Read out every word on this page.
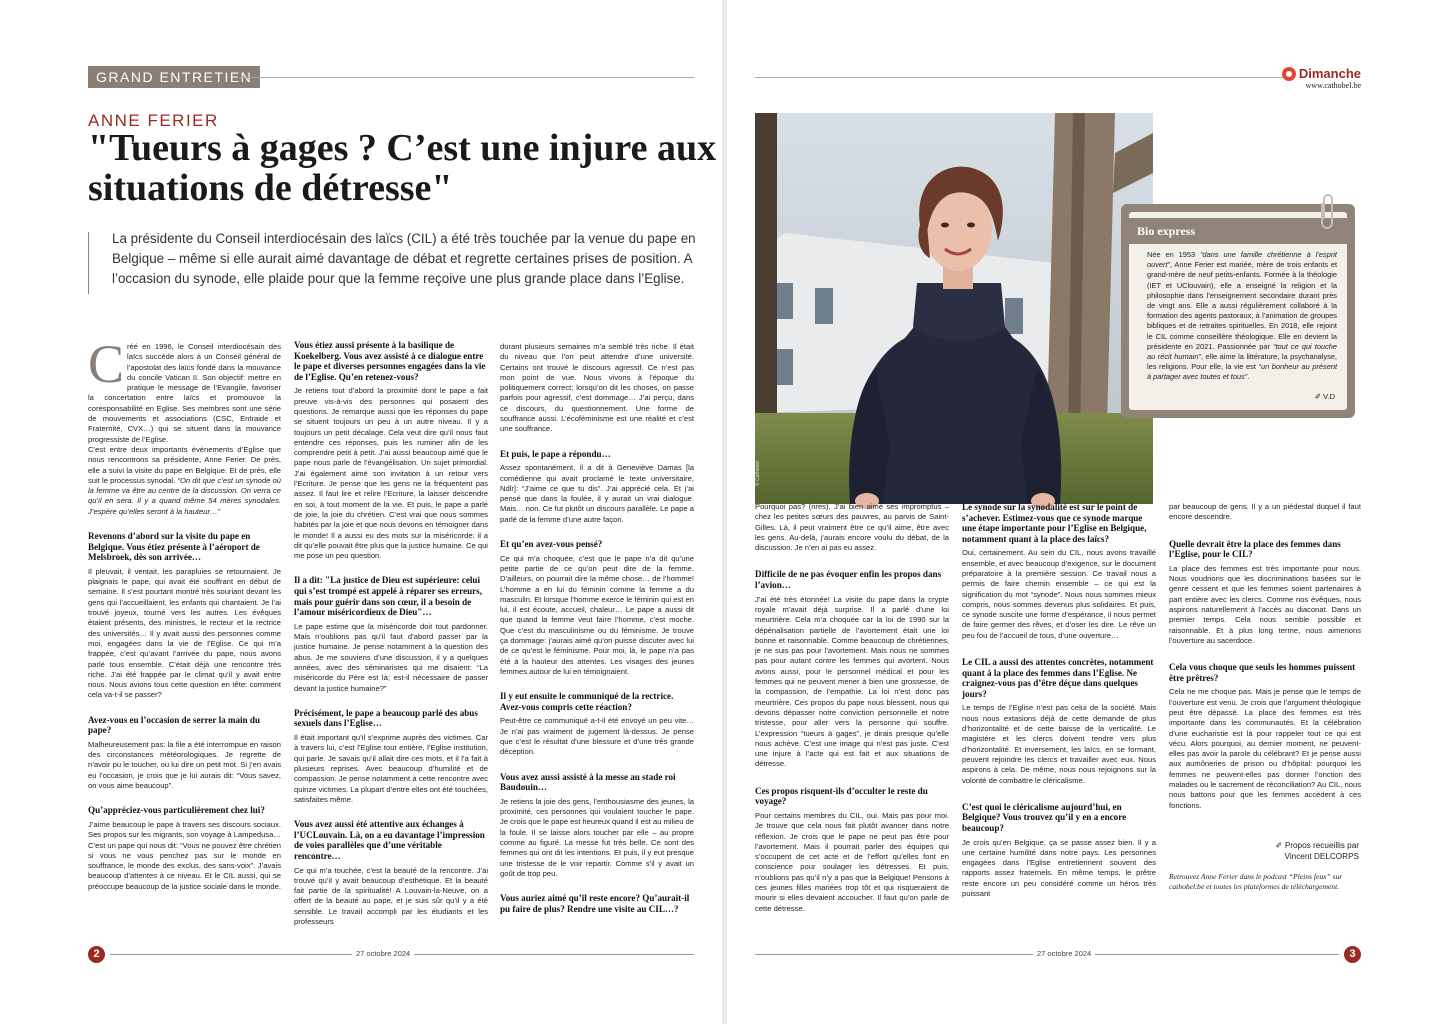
GRAND ENTRETIEN
ANNE FERIER
"Tueurs à gages ? C’est une injure aux situations de détresse"

La présidente du Conseil interdiocésain des laïcs (CIL) a été très touchée par la venue du pape en Belgique – même si elle aurait aimé davantage de débat et regrette certaines prises de position. A l’occasion du synode, elle plaide pour que la femme reçoive une plus grande place dans l’Eglise.

Créé en 1996, le Conseil interdiocésain des laïcs succède alors à un Conseil général de l’apostolat des laïcs fondé dans la mouvance du concile Vatican II. Son objectif: mettre en pratique le message de l’Evangile, favoriser la concertation entre laïcs et promouvoir la coresponsabilité en Eglise. Ses membres sont une série de mouvements et associations (CSC, Entraide et Fraternité, CVX…) qui se situent dans la mouvance progressiste de l’Eglise.

C’est entre deux importants événements d’Eglise que nous rencontrons sa présidente, Anne Ferier. De près, elle a suivi la visite du pape en Belgique. Et de près, elle suit le processus synodal. “On dit que c’est un synode où la femme va être au centre de la discussion. On verra ce qu’il en sera. Il y a quand même 54 mères synodales. J’espère qu’elles seront à la hauteur…”

Revenons d’abord sur la visite du pape en Belgique. Vous étiez présente à l’aéroport de Melsbroek, dès son arrivée…

Il pleuvait, il ventait, les parapluies se retournaient. Je plaignais le pape, qui avait été souffrant en début de semaine. Il s’est pourtant montré très souriant devant les gens qui l’accueillaient, les enfants qui chantaient. Je l’ai trouvé joyeux, tourné vers les autres. Les évêques étaient présents, des ministres, le recteur et la rectrice des universités… Il y avait aussi des personnes comme moi, engagées dans la vie de l’Eglise. Ce qui m’a frappée, c’est qu’avant l’arrivée du pape, nous avons parlé tous ensemble. C’était déjà une rencontre très riche. J’ai été frappée par le climat qu’il y avait entre nous. Nous avions tous cette question en tête: comment cela va-t-il se passer?

Avez-vous eu l’occasion de serrer la main du pape?

Malheureusement pas: la file a été interrompue en raison des circonstances météorologiques. Je regrette de n’avoir pu le toucher, ou lui dire un petit mot. Si j’en avais eu l’occasion, je crois que je lui aurais dit: “Vous savez, on vous aime beaucoup”.

Qu’appréciez-vous particulièrement chez lui?

J’aime beaucoup le pape à travers ses discours sociaux. Ses propos sur les migrants, son voyage à Lampedusa… C’est un pape qui nous dit: “Vous ne pouvez être chrétien si vous ne vous penchez pas sur le monde en souffrance, le monde des exclus, des sans-voix”. J’avais beaucoup d’attentes à ce niveau. Et le CIL aussi, qui se préoccupe beaucoup de la justice sociale dans le monde.

Vous étiez aussi présente à la basilique de Koekelberg. Vous avez assisté à ce dialogue entre le pape et diverses personnes engagées dans la vie de l’Eglise. Qu’en retenez-vous?

Je retiens tout d’abord la proximité dont le pape a fait preuve vis-à-vis des personnes qui posaient des questions. Je remarque aussi que les réponses du pape se situent toujours un peu à un autre niveau. Il y a toujours un petit décalage. Cela veut dire qu’il nous faut entendre ces réponses, puis les ruminer afin de les comprendre petit à petit. J’ai aussi beaucoup aimé que le pape nous parle de l’évangélisation. Un sujet primordial. J’ai également aimé son invitation à un retour vers l’Ecriture. Je pense que les gens ne la fréquentent pas assez. Il faut lire et relire l’Ecriture, la laisser descendre en soi, à tout moment de la vie. Et puis, le pape a parlé de joie, la joie du chrétien. C’est vrai que nous sommes habités par la joie et que nous devons en témoigner dans le monde! Il a aussi eu des mots sur la miséricorde: il a dit qu’elle pouvait être plus que la justice humaine. Ce qui me pose un peu question.

Il a dit: "La justice de Dieu est supérieure: celui qui s’est trompé est appelé à réparer ses erreurs, mais pour guérir dans son cœur, il a besoin de l’amour miséricordieux de Dieu"…

Le pape estime que la miséricorde doit tout pardonner. Mais n’oublions pas qu’il faut d’abord passer par la justice humaine. Je pense notamment à la question des abus. Je me souviens d’une discussion, il y a quelques années, avec des séminaristes qui me disaient: “La miséricorde du Père est là; est-il nécessaire de passer devant la justice humaine?”

Précisément, le pape a beaucoup parlé des abus sexuels dans l’Eglise…

Il était important qu’il s’exprime auprès des victimes. Car à travers lui, c’est l’Eglise tout entière, l’Eglise institution, qui parle. Je savais qu’il allait dire ces mots, et il l’a fait à plusieurs reprises. Avec beaucoup d’humilité et de compassion. Je pense notamment à cette rencontre avec quinze victimes. La plupart d’entre elles ont été touchées, satisfaites même.

Vous avez aussi été attentive aux échanges à l’UCLouvain. Là, on a eu davantage l’impression de voies parallèles que d’une véritable rencontre…

Ce qui m’a touchée, c’est la beauté de la rencontre. J’ai trouvé qu’il y avait beaucoup d’esthétique. Et la beauté fait partie de la spiritualité! A Louvain-la-Neuve, on a offert de la beauté au pape, et je suis sûr qu’il y a été sensible. Le travail accompli par les étudiants et les professeurs

durant plusieurs semaines m’a semblé très riche. Il était du niveau que l’on peut attendre d’une université. Certains ont trouvé le discours agressif. Ce n’est pas mon point de vue. Nous vivons à l’époque du politiquement correct; lorsqu’on dit les choses, on passe parfois pour agressif, c’est dommage… J’ai perçu, dans ce discours, du questionnement. Une forme de souffrance aussi. L’écoféminisme est une réalité et c’est une souffrance.

Et puis, le pape a répondu…

Assez spontanément, il a dit à Geneviève Damas [la comédienne qui avait proclamé le texte universitaire, Ndlr]: “J’aime ce que tu dis”. J’ai apprécié cela. Et j’ai pensé que dans la foulée, il y aurait un vrai dialogue. Mais… non. Ce fut plutôt un discours parallèle. Le pape a parlé de la femme d’une autre façon.

Et qu’en avez-vous pensé?

Ce qui m’a choquée, c’est que le pape n’a dit qu’une petite partie de ce qu’on peut dire de la femme. D’ailleurs, on pourrait dire la même chose… de l’homme! L’homme a en lui du féminin comme la femme a du masculin. Et lorsque l’homme exerce le féminin qui est en lui, il est écoute, accueil, chaleur… Le pape a aussi dit que quand la femme veut faire l’homme, c’est moche. Que c’est du masculinisme ou du féminisme. Je trouve ça dommage: j’aurais aimé qu’on puisse discuter avec lui de ce qu’est le féminisme. Pour moi, là, le pape n’a pas été à la hauteur des attentes. Les visages des jeunes femmes autour de lui en témoignaient.

Il y eut ensuite le communiqué de la rectrice. Avez-vous compris cette réaction?

Peut-être ce communiqué a-t-il été envoyé un peu vite… Je n’ai pas vraiment de jugement là-dessus. Je pense que c’est le résultat d’une blessure et d’une très grande déception.

Vous avez aussi assisté à la messe au stade roi Baudouin…

Je retiens la joie des gens, l’enthousiasme des jeunes, la proximité, ces personnes qui voulaient toucher le pape. Je crois que le pape est heureux quand il est au milieu de la foule. Il se laisse alors toucher par elle – au propre comme au figuré. La messe fut très belle. Ce sont des femmes qui ont dit les intentions. Et puis, il y eut presque une tristesse de le voir repartir. Comme s’il y avait un goût de trop peu.

Vous auriez aimé qu’il reste encore? Qu’aurait-il pu faire de plus? Rendre une visite au CIL…?

2	27 octobre 2024
Dimanche
www.cathobel.be
© Cathobel
Bio express

Née en 1953 “dans une famille chrétienne à l’esprit ouvert”, Anne Ferier est mariée, mère de trois enfants et grand-mère de neuf petits-enfants. Formée à la théologie (IET et UClouvain), elle a enseigné la religion et la philosophie dans l’enseignement secondaire durant près de vingt ans. Elle a aussi régulièrement collaboré à la formation des agents pastoraux, à l’animation de groupes bibliques et de retraites spirituelles. En 2018, elle rejoint le CIL comme conseillère théologique. Elle en devient la présidente en 2021. Passionnée par “tout ce qui touche au récit humain”, elle aime la littérature, la psychanalyse, les religions. Pour elle, la vie est “un bonheur au présent à partager avec toutes et tous”.

✐ V.D

Pourquoi pas? (rires). J’ai bien aimé ses impromptus – chez les petites sœurs des pauvres, au parvis de Saint-Gilles. Là, il peut vraiment être ce qu’il aime, être avec les gens. Au-delà, j’aurais encore voulu du débat, de la discussion. Je n’en ai pas eu assez.

Difficile de ne pas évoquer enfin les propos dans l’avion…

J’ai été très étonnée! La visite du pape dans la crypte royale m’avait déjà surprise. Il a parlé d’une loi meurtrière. Cela m’a choquée car la loi de 1990 sur la dépénalisation partielle de l’avortement était une loi bonne et raisonnable. Comme beaucoup de chrétiennes, je ne suis pas pour l’avortement. Mais nous ne sommes pas pour autant contre les femmes qui avortent. Nous avons aussi, pour le personnel médical et pour les femmes qui ne peuvent mener à bien une grossesse, de la compassion, de l’empathie. La loi n’est donc pas meurtrière. Ces propos du pape nous blessent, nous qui devons dépasser notre conviction personnelle et notre tristesse, pour aller vers la personne qui souffre. L’expression “tueurs à gages”, je dirais presque qu’elle nous achève. C’est une image qui n’est pas juste. C’est une injure à l’acte qui est fait et aux situations de détresse.

Ces propos risquent-ils d’occulter le reste du voyage?

Pour certains membres du CIL, oui. Mais pas pour moi. Je trouve que cela nous fait plutôt avancer dans notre réflexion. Je crois que le pape ne peut pas être pour l’avortement. Mais il pourrait parler des équipes qui s’occupent de cet acte et de l’effort qu’elles font en conscience pour soulager les détresses. Et puis, n’oublions pas qu’il n’y a pas que la Belgique! Pensons à ces jeunes filles mariées trop tôt et qui risqueraient de mourir si elles devaient accoucher. Il faut qu’on parle de cette détresse.

Le synode sur la synodalité est sur le point de s’achever. Estimez-vous que ce synode marque une étape importante pour l’Eglise en Belgique, notamment quant à la place des laïcs?

Oui, certainement. Au sein du CIL, nous avons travaillé ensemble, et avec beaucoup d’exigence, sur le document préparatoire à la première session. Ce travail nous a permis de faire chemin ensemble – ce qui est la signification du mot “synode”. Nous nous sommes mieux compris, nous sommes devenus plus solidaires. Et puis, ce synode suscite une forme d’espérance, il nous permet de faire germer des rêves, et d’oser les dire. Le rêve un peu fou de l’accueil de tous, d’une ouverture…

Le CIL a aussi des attentes concrètes, notamment quant à la place des femmes dans l’Eglise. Ne craignez-vous pas d’être déçue dans quelques jours?

Le temps de l’Eglise n’est pas celui de la société. Mais nous nous extasions déjà de cette demande de plus d’horizontalité et de cette baisse de la verticalité. Le magistère et les clercs doivent tendre vers plus d’horizontalité. Et inversement, les laïcs, en se formant, peuvent rejoindre les clercs et travailler avec eux. Nous aspirons à cela. De même, nous nous rejoignons sur la volonté de combattre le cléricalisme.

C’est quoi le cléricalisme aujourd’hui, en Belgique? Vous trouvez qu’il y en a encore beaucoup?

Je crois qu’en Belgique, ça se passe assez bien. Il y a une certaine humilité dans notre pays. Les personnes engagées dans l’Eglise entretiennent souvent des rapports assez fraternels. En même temps, le prêtre reste encore un peu considéré comme un héros très puissant

par beaucoup de gens. Il y a un piédestal duquel il faut encore descendre.

Quelle devrait être la place des femmes dans l’Eglise, pour le CIL?

La place des femmes est très importante pour nous. Nous voudrions que les discriminations basées sur le genre cessent et que les femmes soient partenaires à part entière avec les clercs. Comme nos évêques, nous aspirons naturellement à l’accès au diaconat. Dans un premier temps. Cela nous semble possible et raisonnable. Et à plus long terme, nous aimerions l’ouverture au sacerdoce.

Cela vous choque que seuls les hommes puissent être prêtres?

Cela ne me choque pas. Mais je pense que le temps de l’ouverture est venu. Je crois que l’argument théologique peut être dépassé. La place des femmes est très importante dans les communautés. Et la célébration d’une eucharistie est là pour rappeler tout ce qui est vécu. Alors pourquoi, au dernier moment, ne peuvent-elles pas avoir la parole du célébrant? Et je pense aussi aux aumôneries de prison ou d’hôpital: pourquoi les femmes ne peuvent-elles pas donner l’onction des malades ou le sacrement de réconciliation? Au CIL, nous nous battons pour que les femmes accèdent à ces fonctions.

✐ Propos recueillis par
Vincent DELCORPS

Retrouvez Anne Ferier dans le podcast “Pleins feux” sur cathobel.be et toutes les plateformes de téléchargement.

27 octobre 2024	3
